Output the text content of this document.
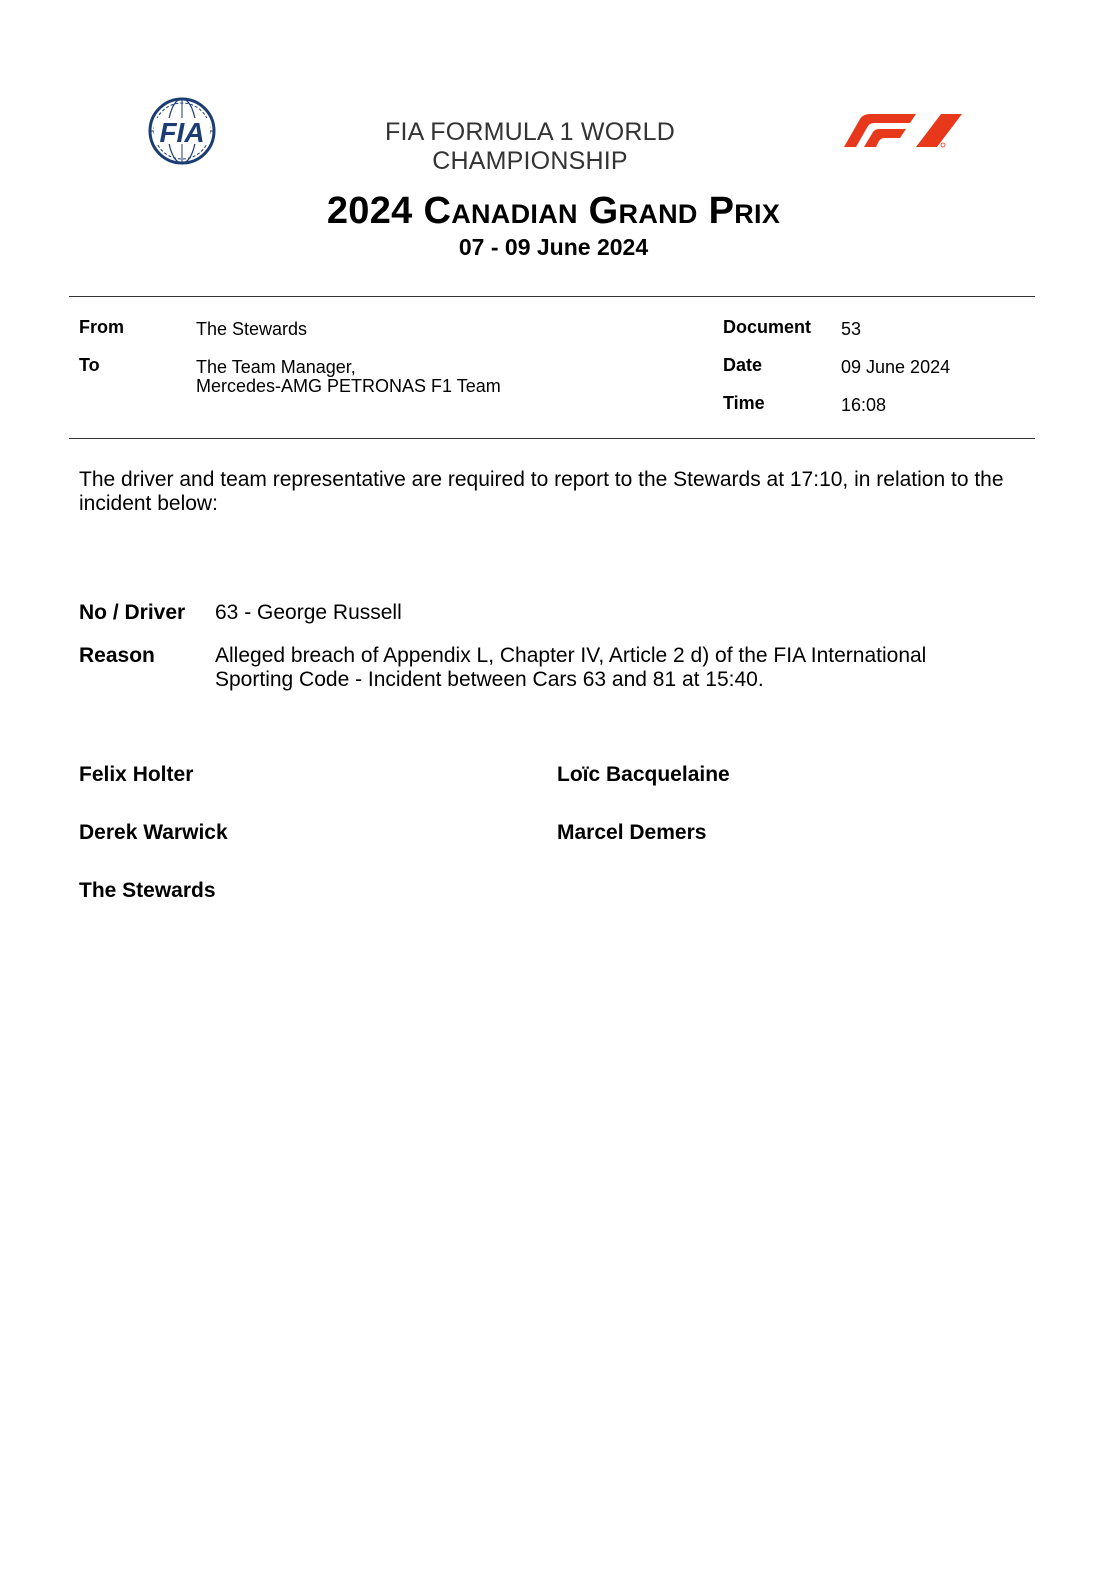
FIA	FIA FORMULA 1 WORLD CHAMPIONSHIP
2024 Canadian Grand Prix
07 - 09 June 2024
From	The Stewards
To	The Team Manager,
Mercedes-AMG PETRONAS F1 Team
Document 53
Date	09 June 2024
Time	16:08
The driver and team representative are required to report to the Stewards at 17:10, in relation to the
incident below:
No / Driver 63 - George Russell
Reason	Alleged breach of Appendix L, Chapter IV, Article 2 d) of the FIA International
Sporting Code - Incident between Cars 63 and 81 at 15:40.
Felix Holter	Loïc Bacquelaine
Derek Warwick	Marcel Demers
The Stewards
